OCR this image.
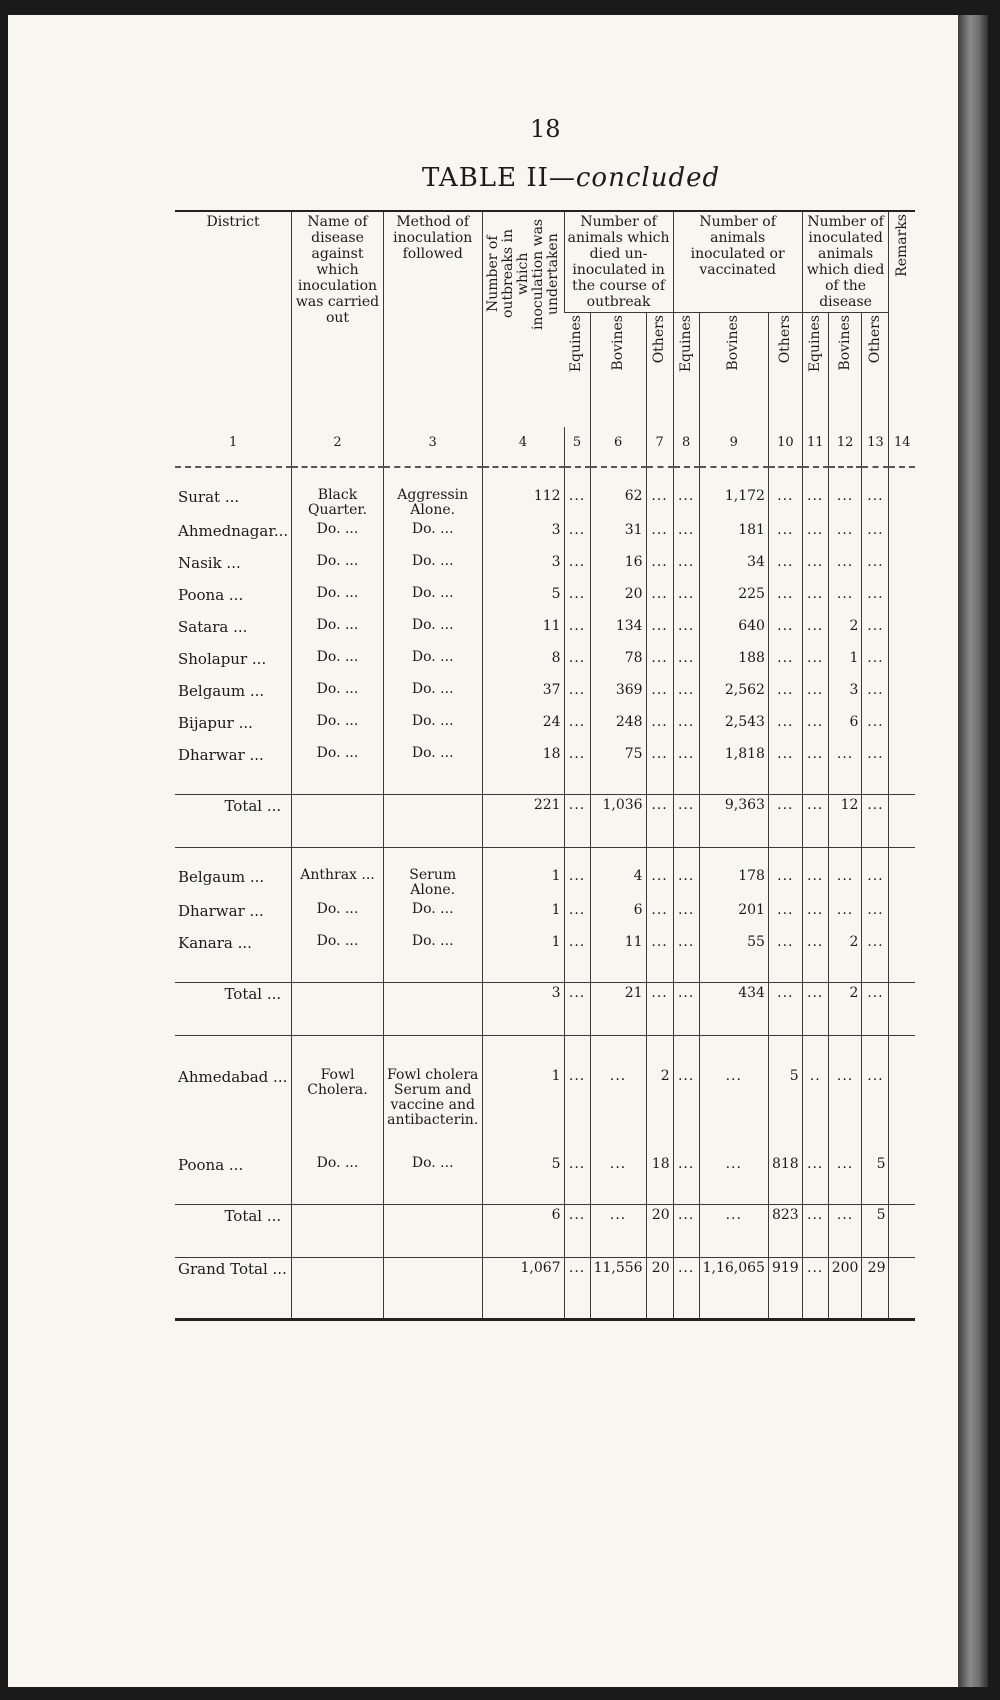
18
TABLE II—concluded
District	Name of disease against which inoculation was carried out	Method of inoculation followed	Number of outbreaks in which inoculation was undertaken	Number of animals which died un-inoculated in the course of outbreak			Number of animals inoculated or vaccinated			Number of inoculated animals which died of the disease			Remarks
				Equines	Bovines	Others	Equines	Bovines	Others	Equines	Bovines	Others	
1	2	3	4	5	6	7	8	9	10	11	12	13	14

Surat ...	Black Quarter.	Aggressin Alone.	112	...	62	...	...	1,172	...	...	...	...	
Ahmednagar...	Do. ...	Do. ...	3	...	31	...	...	181	...	...	...	...	
Nasik ...	Do. ...	Do. ...	3	...	16	...	...	34	...	...	...	...	
Poona ...	Do. ...	Do. ...	5	...	20	...	...	225	...	...	...	...	
Satara ...	Do. ...	Do. ...	11	...	134	...	...	640	...	...	2	...	
Sholapur ...	Do. ...	Do. ...	8	...	78	...	...	188	...	...	1	...	
Belgaum ...	Do. ...	Do. ...	37	...	369	...	...	2,562	...	...	3	...	
Bijapur ...	Do. ...	Do. ...	24	...	248	...	...	2,543	...	...	6	...	
Dharwar ...	Do. ...	Do. ...	18	...	75	...	...	1,818	...	...	...	...	

Total ...			221	...	1,036	...	...	9,363	...	...	12	...	

Belgaum ...	Anthrax ...	Serum Alone.	1	...	4	...	...	178	...	...	...	...	
Dharwar ...	Do. ...	Do. ...	1	...	6	...	...	201	...	...	...	...	
Kanara ...	Do. ...	Do. ...	1	...	11	...	...	55	...	...	2	...	

Total ...			3	...	21	...	...	434	...	...	2	...	

Ahmedabad ...	Fowl Cholera.	Fowl cholera Serum and vaccine and antibacterin.	1	...	...	2	...	...	5	..	...	...	
Poona ...	Do. ...	Do. ...	5	...	...	18	...	...	818	...	...	5	

Total ...			6	...	...	20	...	...	823	...	...	5	
Grand Total ...			1,067	...	11,556	20	...	1,16,065	919	...	200	29	
